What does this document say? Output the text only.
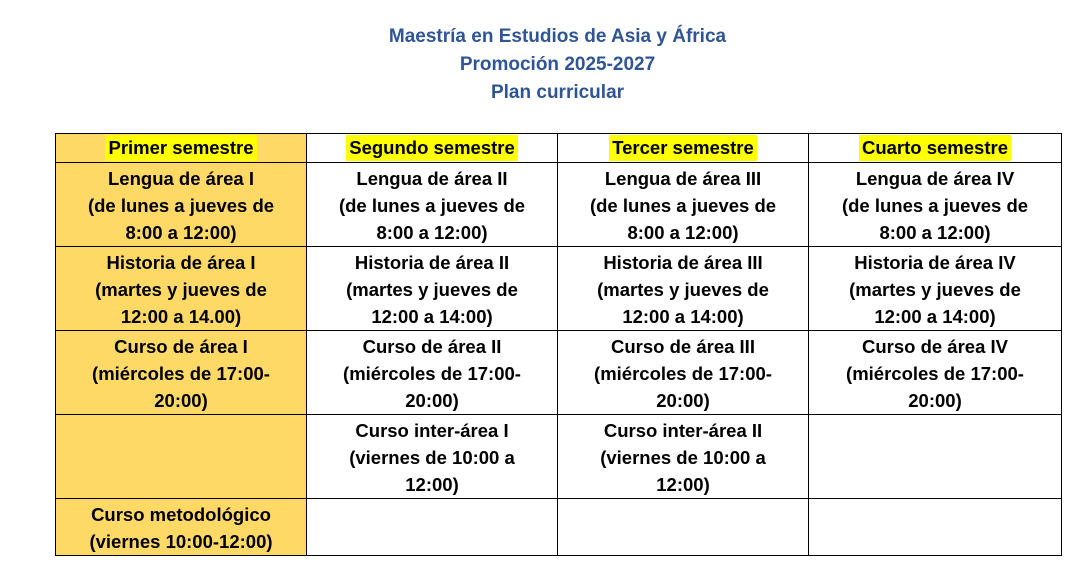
Maestría en Estudios de Asia y África
Promoción 2025-2027
Plan curricular
Primer semestre	Segundo semestre	Tercer semestre	Cuarto semestre

Lengua de área I
(de lunes a jueves de
8:00 a 12:00)	Lengua de área II
(de lunes a jueves de
8:00 a 12:00)	Lengua de área III
(de lunes a jueves de
8:00 a 12:00)	Lengua de área IV
(de lunes a jueves de
8:00 a 12:00)

Historia de área I
(martes y jueves de
12:00 a 14.00)	Historia de área II
(martes y jueves de
12:00 a 14:00)	Historia de área III
(martes y jueves de
12:00 a 14:00)	Historia de área IV
(martes y jueves de
12:00 a 14:00)

Curso de área I
(miércoles de 17:00-
20:00)	Curso de área II
(miércoles de 17:00-
20:00)	Curso de área III
(miércoles de 17:00-
20:00)	Curso de área IV
(miércoles de 17:00-
20:00)

	Curso inter-área I
(viernes de 10:00 a
12:00)	Curso inter-área II
(viernes de 10:00 a
12:00)	

Curso metodológico
(viernes 10:00-12:00)			
